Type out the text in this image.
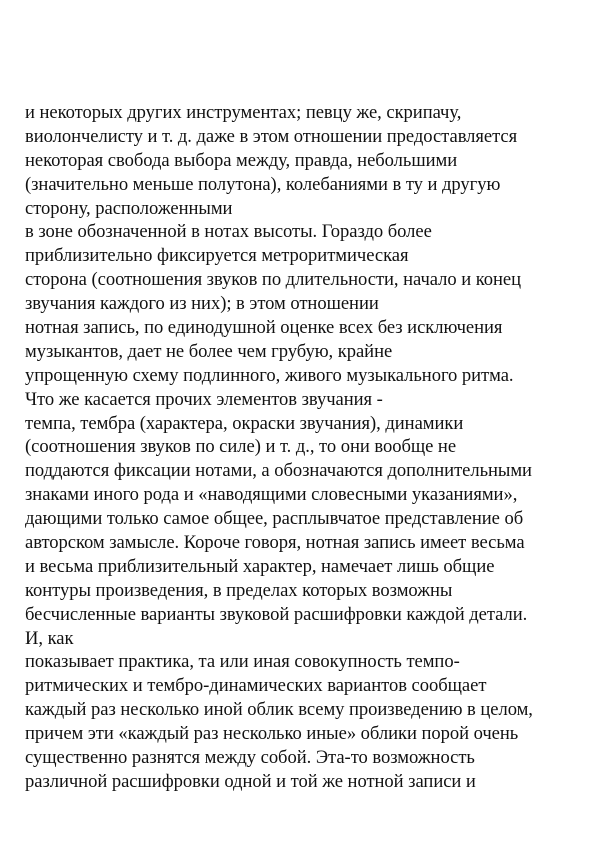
и некоторых других инструментах; певцу же, скрипачу,
виолончелисту и т. д. даже в этом отношении предоставляется
некоторая свобода выбора между, правда, небольшими
(значительно меньше полутона), колебаниями в ту и другую
сторону, расположенными
в зоне обозначенной в нотах высоты. Гораздо более
приблизительно фиксируется метроритмическая
сторона (соотношения звуков по длительности, начало и конец
звучания каждого из них); в этом отношении
нотная запись, по единодушной оценке всех без исключения
музыкантов, дает не более чем грубую, крайне
упрощенную схему подлинного, живого музыкального ритма.
Что же касается прочих элементов звучания -
темпа, тембра (характера, окраски звучания), динамики
(соотношения звуков по силе) и т. д., то они вообще не
поддаются фиксации нотами, а обозначаются дополнительными
знаками иного рода и «наводящими словесными указаниями»,
дающими только самое общее, расплывчатое представление об
авторском замысле. Короче говоря, нотная запись имеет весьма
и весьма приблизительный характер, намечает лишь общие
контуры произведения, в пределах которых возможны
бесчисленные варианты звуковой расшифровки каждой детали.
И, как
показывает практика, та или иная совокупность темпо-
ритмических и тембро-динамических вариантов сообщает
каждый раз несколько иной облик всему произведению в целом,
причем эти «каждый раз несколько иные» облики порой очень
существенно разнятся между собой. Эта-то возможность
различной расшифровки одной и той же нотной записи и
